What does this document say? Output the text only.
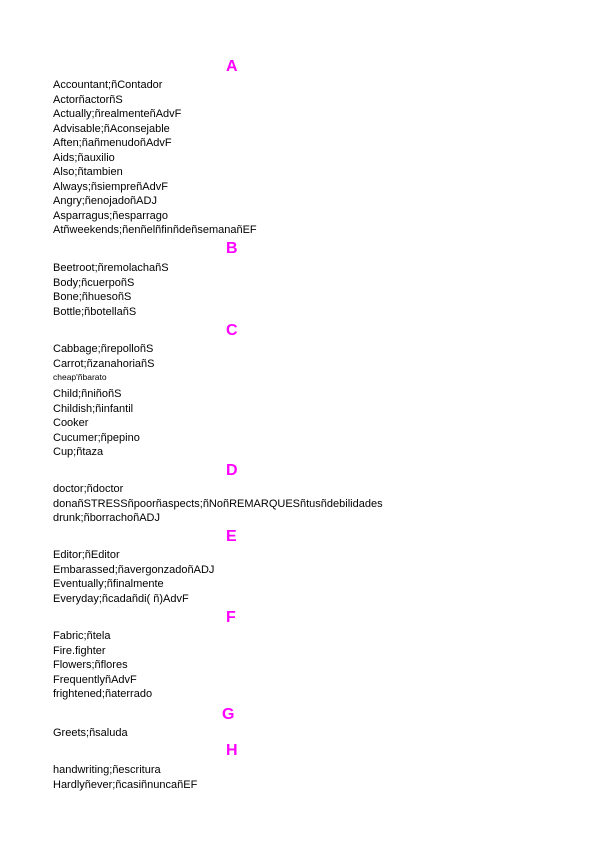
A
Accountant;ñContador
ActorñactorñS
Actually;ñrealmenteñAdvF
Advisable;ñAconsejable
Aften;ñañmenudoñAdvF
Aids;ñauxilio
Also;ñtambien
Always;ñsiempreñAdvF
Angry;ñenojadoñADJ
Asparragus;ñesparrago
Atñweekends;ñenñelñfinñdeñsemanañEF
B
Beetroot;ñremolachañS
Body;ñcuerpoñS
Bone;ñhuesoñS
Bottle;ñbotellañS
C
Cabbage;ñrepolloñS
Carrot;ñzanahoriañS
cheap'ñbarato
Child;ñniñoñS
Childish;ñinfantil
Cooker
Cucumer;ñpepino
Cup;ñtaza
D
doctor;ñdoctor
donañSTRESSñpoorñaspects;ñNoñREMARQUESñtusñdebilidades
drunk;ñborrachoñADJ
E
Editor;ñEditor
Embarassed;ñavergonzadoñADJ
Eventually;ñfinalmente
Everyday;ñcadañdi( ñ)AdvF
F
Fabric;ñtela
Fire.fighter
Flowers;ñflores
FrequentlyñAdvF
frightened;ñaterrado
G
Greets;ñsaluda
H
handwriting;ñescritura
Hardlyñever;ñcasiñnuncañEF
